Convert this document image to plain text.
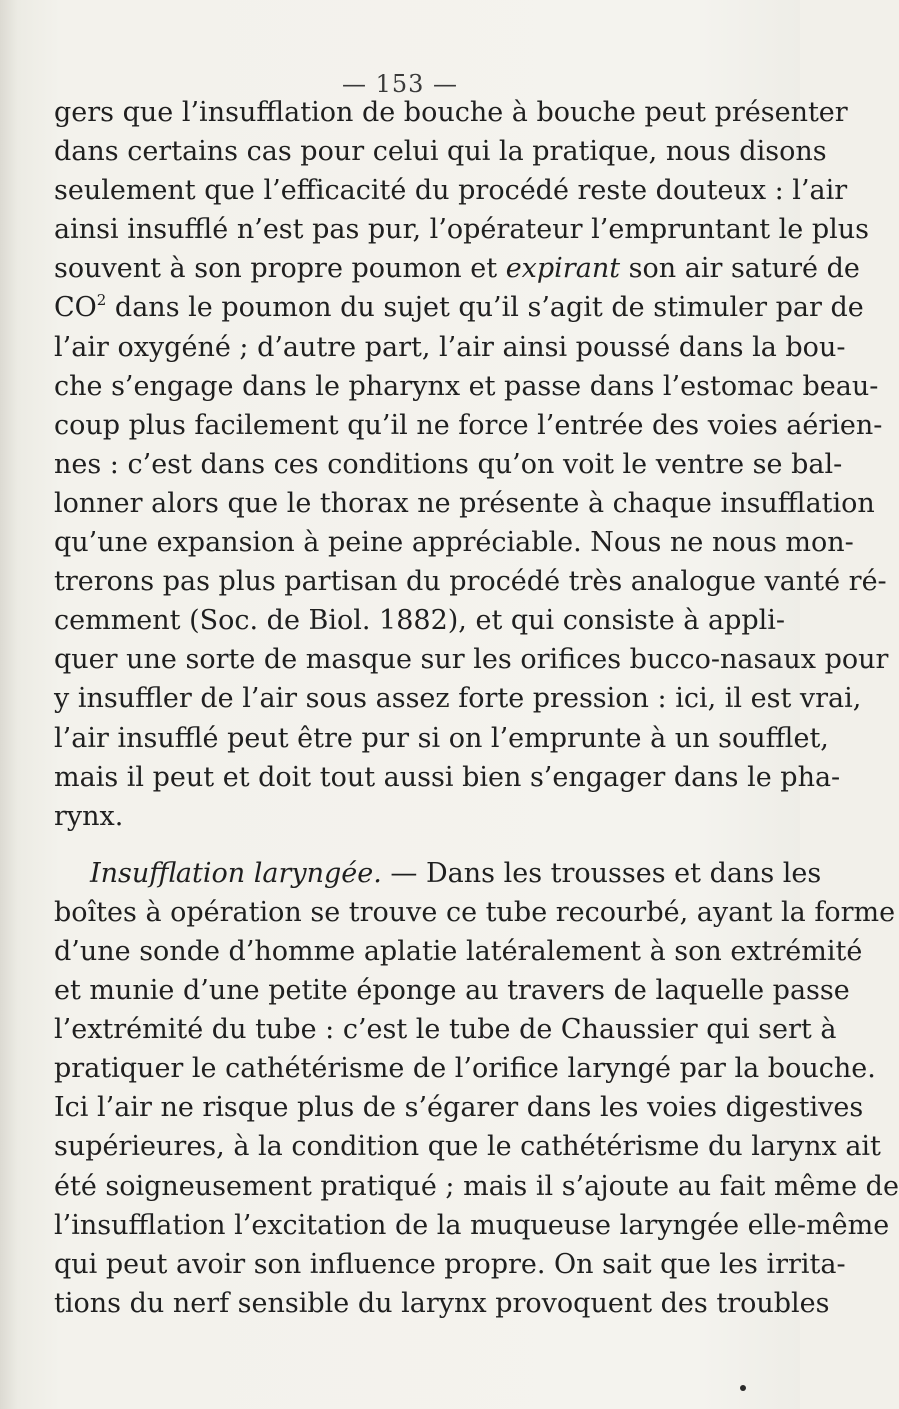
— 153 —
gers que l’insufflation de bouche à bouche peut présenter
dans certains cas pour celui qui la pratique, nous disons
seulement que l’efficacité du procédé reste douteux : l’air
ainsi insufflé n’est pas pur, l’opérateur l’empruntant le plus
souvent à son propre poumon et expirant son air saturé de
$CO^2$ dans le poumon du sujet qu’il s’agit de stimuler par de
l’air oxygéné ; d’autre part, l’air ainsi poussé dans la bou-
che s’engage dans le pharynx et passe dans l’estomac beau-
coup plus facilement qu’il ne force l’entrée des voies aérien-
nes : c’est dans ces conditions qu’on voit le ventre se bal-
lonner alors que le thorax ne présente à chaque insufflation
qu’une expansion à peine appréciable. Nous ne nous mon-
trerons pas plus partisan du procédé très analogue vanté ré-
cemment (Soc. de Biol. 1882), et qui consiste à appli-
quer une sorte de masque sur les orifices bucco-nasaux pour
y insuffler de l’air sous assez forte pression : ici, il est vrai,
l’air insufflé peut être pur si on l’emprunte à un soufflet,
mais il peut et doit tout aussi bien s’engager dans le pha-
rynx.
Insufflation laryngée. — Dans les trousses et dans les
boîtes à opération se trouve ce tube recourbé, ayant la forme
d’une sonde d’homme aplatie latéralement à son extrémité
et munie d’une petite éponge au travers de laquelle passe
l’extrémité du tube : c’est le tube de Chaussier qui sert à
pratiquer le cathétérisme de l’orifice laryngé par la bouche.
Ici l’air ne risque plus de s’égarer dans les voies digestives
supérieures, à la condition que le cathétérisme du larynx ait
été soigneusement pratiqué ; mais il s’ajoute au fait même de
l’insufflation l’excitation de la muqueuse laryngée elle-même
qui peut avoir son influence propre. On sait que les irrita-
tions du nerf sensible du larynx provoquent des troubles
